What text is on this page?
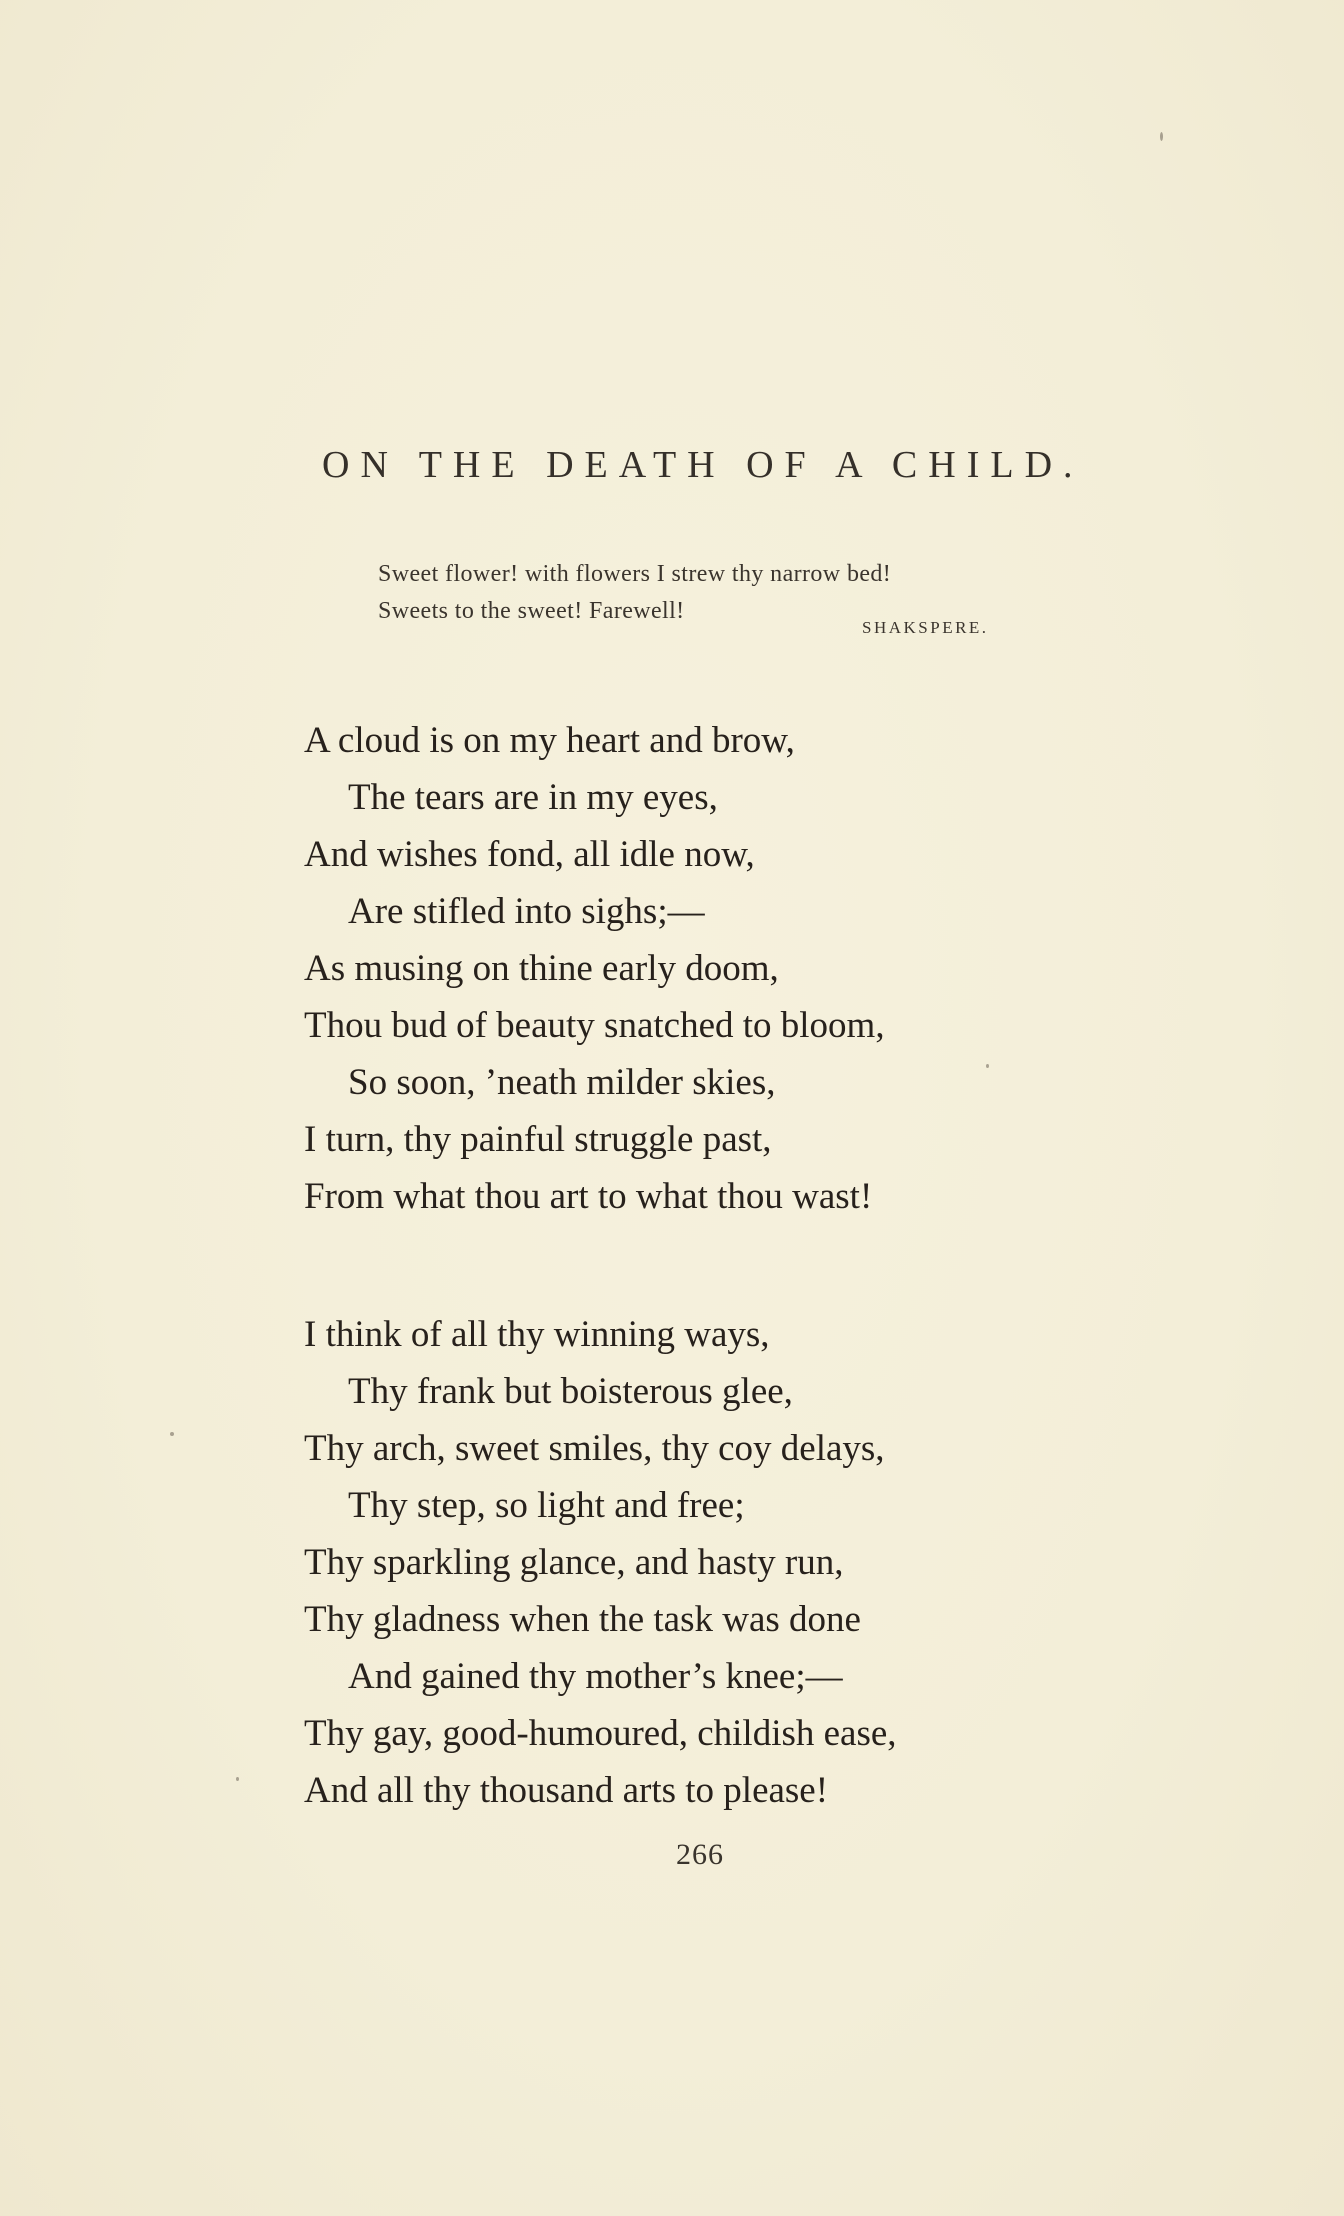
ON THE DEATH OF A CHILD.
Sweet flower! with flowers I strew thy narrow bed!
Sweets to the sweet! Farewell!
SHAKSPERE.
A cloud is on my heart and brow,
The tears are in my eyes,
And wishes fond, all idle now,
Are stifled into sighs;—
As musing on thine early doom,
Thou bud of beauty snatched to bloom,
So soon, ’neath milder skies,
I turn, thy painful struggle past,
From what thou art to what thou wast!
I think of all thy winning ways,
Thy frank but boisterous glee,
Thy arch, sweet smiles, thy coy delays,
Thy step, so light and free;
Thy sparkling glance, and hasty run,
Thy gladness when the task was done
And gained thy mother’s knee;—
Thy gay, good-humoured, childish ease,
And all thy thousand arts to please!
266
